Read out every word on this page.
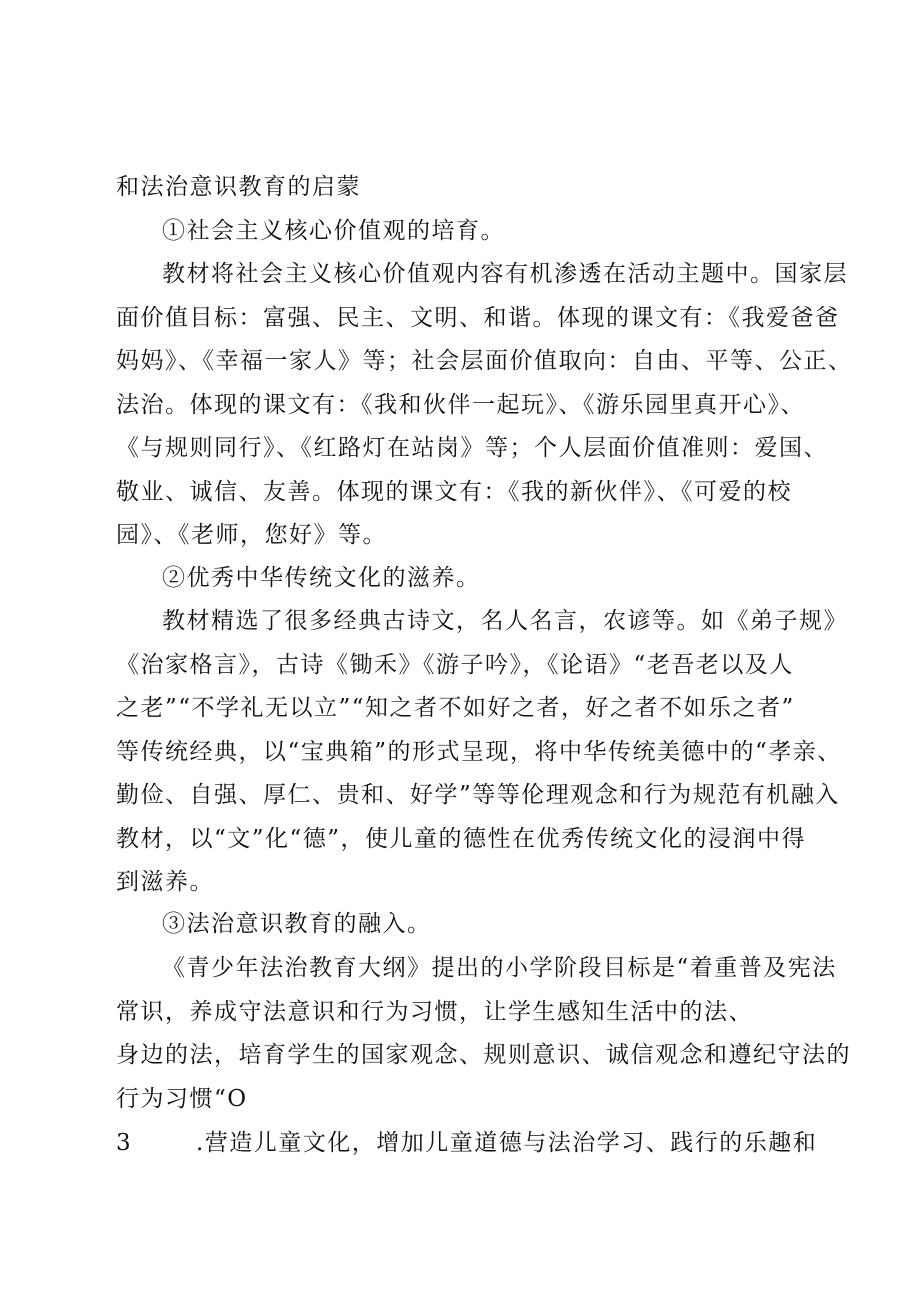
和法治意识教育的启蒙

①社会主义核心价值观的培育。

教材将社会主义核心价值观内容有机渗透在活动主题中。国家层
面价值目标：富强、民主、文明、和谐。体现的课文有：《我爱爸爸
妈妈》、《幸福一家人》等；社会层面价值取向：自由、平等、公正、
法治。体现的课文有：《我和伙伴一起玩》、《游乐园里真开心》、
《与规则同行》、《红路灯在站岗》等；个人层面价值准则：爱国、
敬业、诚信、友善。体现的课文有：《我的新伙伴》、《可爱的校
园》、《老师，您好》等。

②优秀中华传统文化的滋养。

教材精选了很多经典古诗文，名人名言，农谚等。如《弟子规》
《治家格言》，古诗《锄禾》《游子吟》，《论语》“老吾老以及人
之老”“不学礼无以立”“知之者不如好之者，好之者不如乐之者”
等传统经典，以“宝典箱”的形式呈现，将中华传统美德中的“孝亲、
勤俭、自强、厚仁、贵和、好学”等等伦理观念和行为规范有机融入
教材，以“文”化“德”，使儿童的德性在优秀传统文化的浸润中得
到滋养。

③法治意识教育的融入。

《青少年法治教育大纲》提出的小学阶段目标是“着重普及宪法
常识，养成守法意识和行为习惯，让学生感知生活中的法、
身边的法，培育学生的国家观念、规则意识、诚信观念和遵纪守法的
行为习惯“O

3	.营造儿童文化，增加儿童道德与法治学习、践行的乐趣和
